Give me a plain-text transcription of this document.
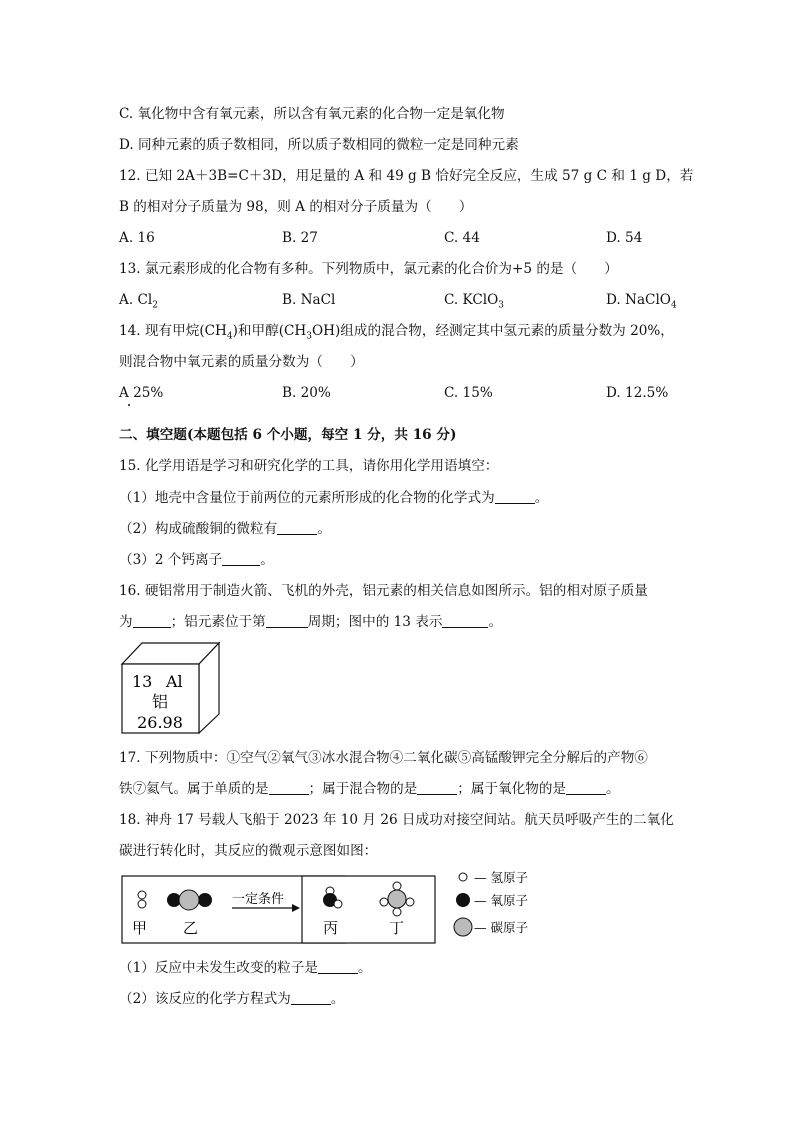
C. 氧化物中含有氧元素，所以含有氧元素的化合物一定是氧化物
D. 同种元素的质子数相同，所以质子数相同的微粒一定是同种元素
12. 已知 2A＋3B=C＋3D，用足量的 A 和 49 g B 恰好完全反应，生成 57 g C 和 1 g D，若
B 的相对分子质量为 98，则 A 的相对分子质量为（　　）
A. 16	B. 27	C. 44	D. 54
13. 氯元素形成的化合物有多种。下列物质中，氯元素的化合价为+5 的是（　　）
A. $Cl_2$	B. NaCl	C. KClO$_3$	D. NaClO$_4$
14. 现有甲烷$(CH_4)$和甲醇$(CH_3OH)$组成的混合物，经测定其中氢元素的质量分数为 20%，
则混合物中氧元素的质量分数为（　　）
A 25%	B. 20%	C. 15%	D. 12.5%
二、填空题(本题包括 6 个小题，每空 1 分，共 16 分)
15. 化学用语是学习和研究化学的工具，请你用化学用语填空：
（1）地壳中含量位于前两位的元素所形成的化合物的化学式为	。
（2）构成硫酸铜的微粒有	。
（3）2 个钙离子	。
16. 硬铝常用于制造火箭、飞机的外壳，铝元素的相关信息如图所示。铝的相对原子质量
为	；铝元素位于第	周期；图中的 13 表示	。
13 Al
铝
26.98
17. 下列物质中：①空气②氧气③冰水混合物④二氧化碳⑤高锰酸钾完全分解后的产物⑥
铁⑦氦气。属于单质的是	；属于混合物的是	；属于氧化物的是	。
18. 神舟 17 号载人飞船于 2023 年 10 月 26 日成功对接空间站。航天员呼吸产生的二氧化
碳进行转化时，其反应的微观示意图如图：
甲 乙
一定条件
丙	丁
— 氢原子
— 氧原子
— 碳原子
（1）反应中未发生改变的粒子是	。
（2）该反应的化学方程式为	。
